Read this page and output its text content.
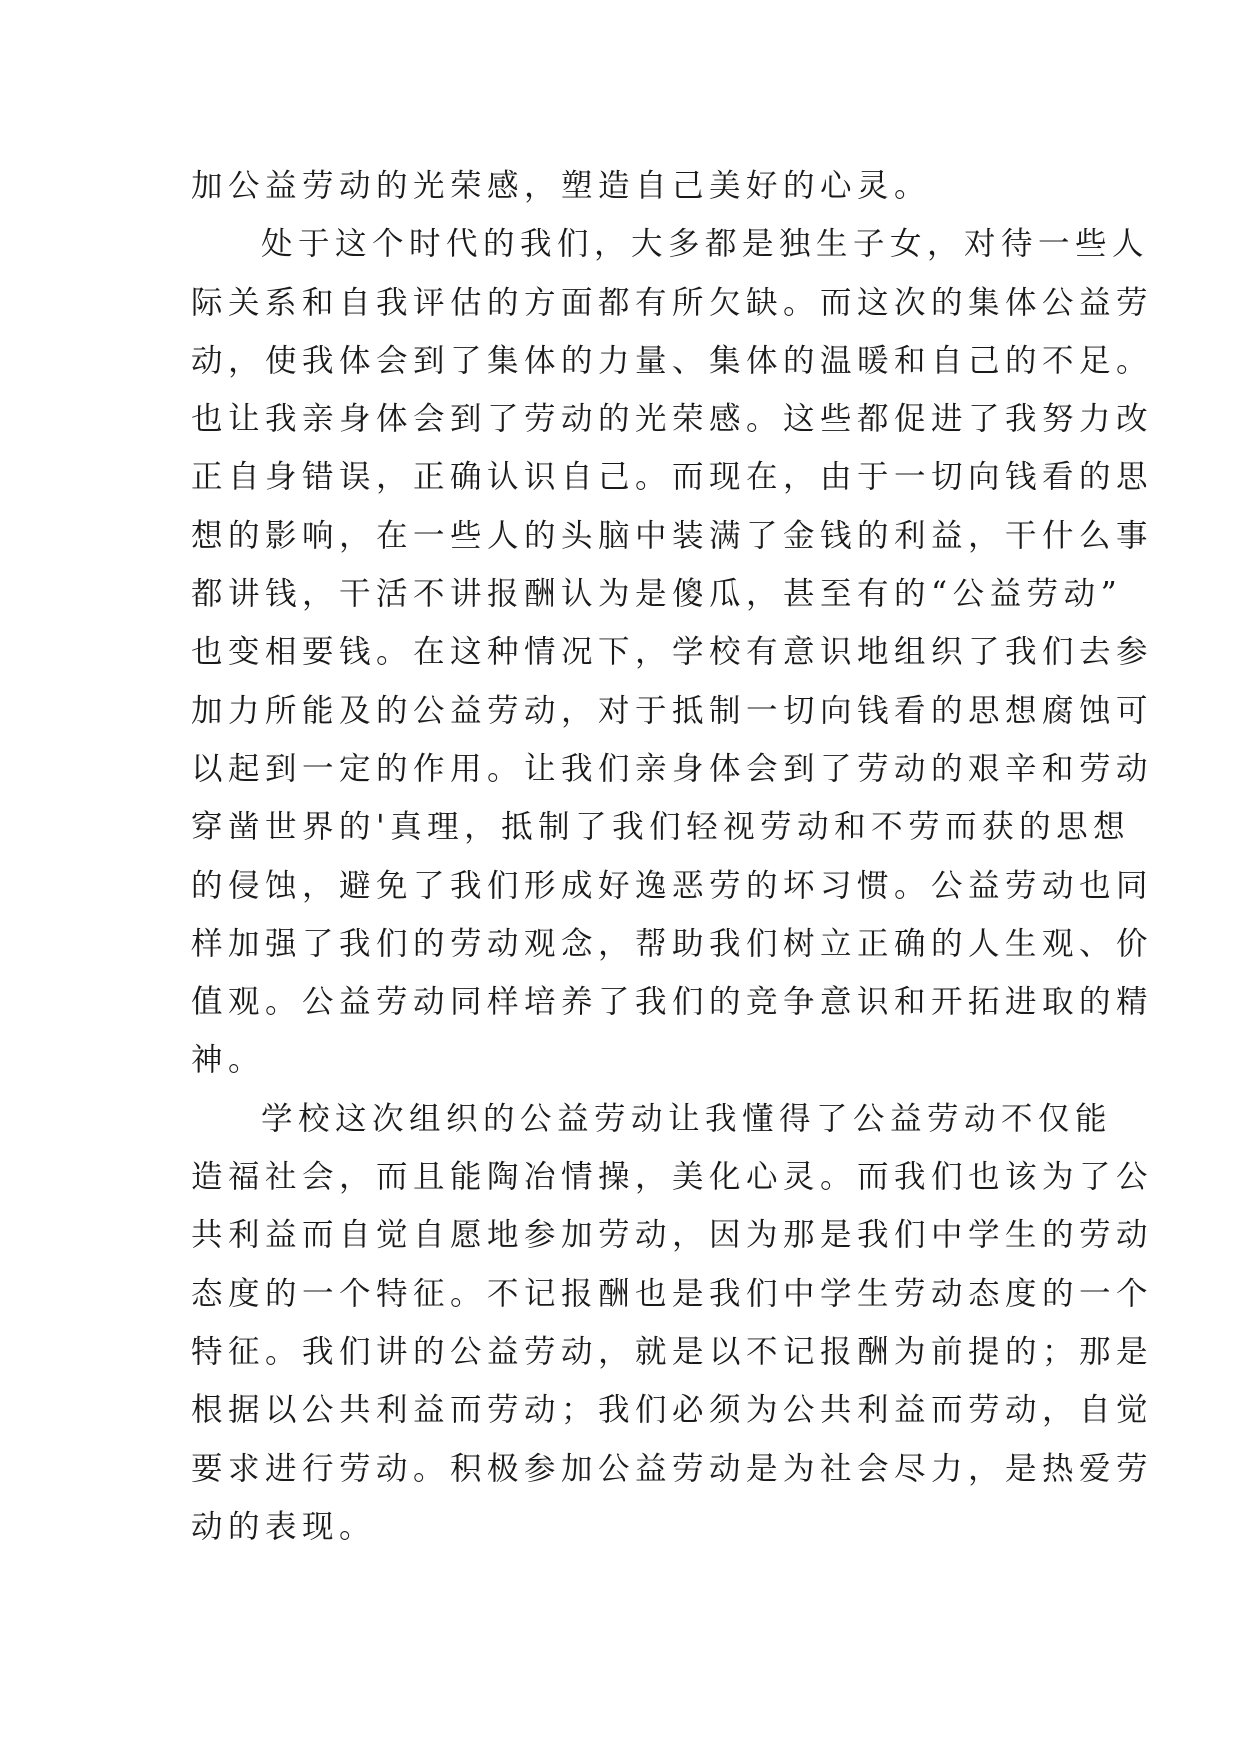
加公益劳动的光荣感，塑造自己美好的心灵。
处于这个时代的我们，大多都是独生子女，对待一些人
际关系和自我评估的方面都有所欠缺。而这次的集体公益劳
动，使我体会到了集体的力量、集体的温暖和自己的不足。
也让我亲身体会到了劳动的光荣感。这些都促进了我努力改
正自身错误，正确认识自己。而现在，由于一切向钱看的思
想的影响，在一些人的头脑中装满了金钱的利益，干什么事
都讲钱，干活不讲报酬认为是傻瓜，甚至有的“公益劳动”
也变相要钱。在这种情况下，学校有意识地组织了我们去参
加力所能及的公益劳动，对于抵制一切向钱看的思想腐蚀可
以起到一定的作用。让我们亲身体会到了劳动的艰辛和劳动
穿凿世界的'真理，抵制了我们轻视劳动和不劳而获的思想
的侵蚀，避免了我们形成好逸恶劳的坏习惯。公益劳动也同
样加强了我们的劳动观念，帮助我们树立正确的人生观、价
值观。公益劳动同样培养了我们的竞争意识和开拓进取的精
神。
学校这次组织的公益劳动让我懂得了公益劳动不仅能
造福社会，而且能陶冶情操，美化心灵。而我们也该为了公
共利益而自觉自愿地参加劳动，因为那是我们中学生的劳动
态度的一个特征。不记报酬也是我们中学生劳动态度的一个
特征。我们讲的公益劳动，就是以不记报酬为前提的；那是
根据以公共利益而劳动；我们必须为公共利益而劳动，自觉
要求进行劳动。积极参加公益劳动是为社会尽力，是热爱劳
动的表现。
